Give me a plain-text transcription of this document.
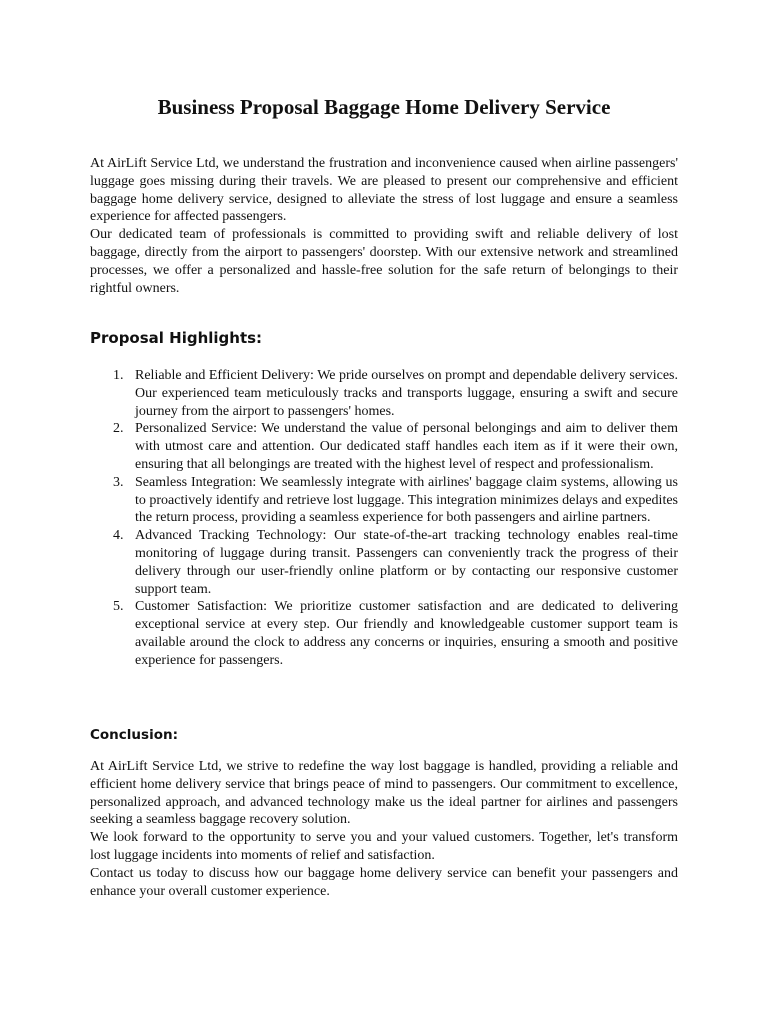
Business Proposal Baggage Home Delivery Service

At AirLift Service Ltd, we understand the frustration and inconvenience caused when airline passengers' luggage goes missing during their travels. We are pleased to present our comprehensive and efficient baggage home delivery service, designed to alleviate the stress of lost luggage and ensure a seamless experience for affected passengers.

Our dedicated team of professionals is committed to providing swift and reliable delivery of lost baggage, directly from the airport to passengers' doorstep. With our extensive network and streamlined processes, we offer a personalized and hassle-free solution for the safe return of belongings to their rightful owners.

Proposal Highlights:
1. Reliable and Efficient Delivery: We pride ourselves on prompt and dependable delivery services. Our experienced team meticulously tracks and transports luggage, ensuring a swift and secure journey from the airport to passengers' homes.
2. Personalized Service: We understand the value of personal belongings and aim to deliver them with utmost care and attention. Our dedicated staff handles each item as if it were their own, ensuring that all belongings are treated with the highest level of respect and professionalism.
3. Seamless Integration: We seamlessly integrate with airlines' baggage claim systems, allowing us to proactively identify and retrieve lost luggage. This integration minimizes delays and expedites the return process, providing a seamless experience for both passengers and airline partners.
4. Advanced Tracking Technology: Our state-of-the-art tracking technology enables real-time monitoring of luggage during transit. Passengers can conveniently track the progress of their delivery through our user-friendly online platform or by contacting our responsive customer support team.
5. Customer Satisfaction: We prioritize customer satisfaction and are dedicated to delivering exceptional service at every step. Our friendly and knowledgeable customer support team is available around the clock to address any concerns or inquiries, ensuring a smooth and positive experience for passengers.
Conclusion:

At AirLift Service Ltd, we strive to redefine the way lost baggage is handled, providing a reliable and efficient home delivery service that brings peace of mind to passengers. Our commitment to excellence, personalized approach, and advanced technology make us the ideal partner for airlines and passengers seeking a seamless baggage recovery solution.

We look forward to the opportunity to serve you and your valued customers. Together, let's transform lost luggage incidents into moments of relief and satisfaction.

Contact us today to discuss how our baggage home delivery service can benefit your passengers and enhance your overall customer experience.
